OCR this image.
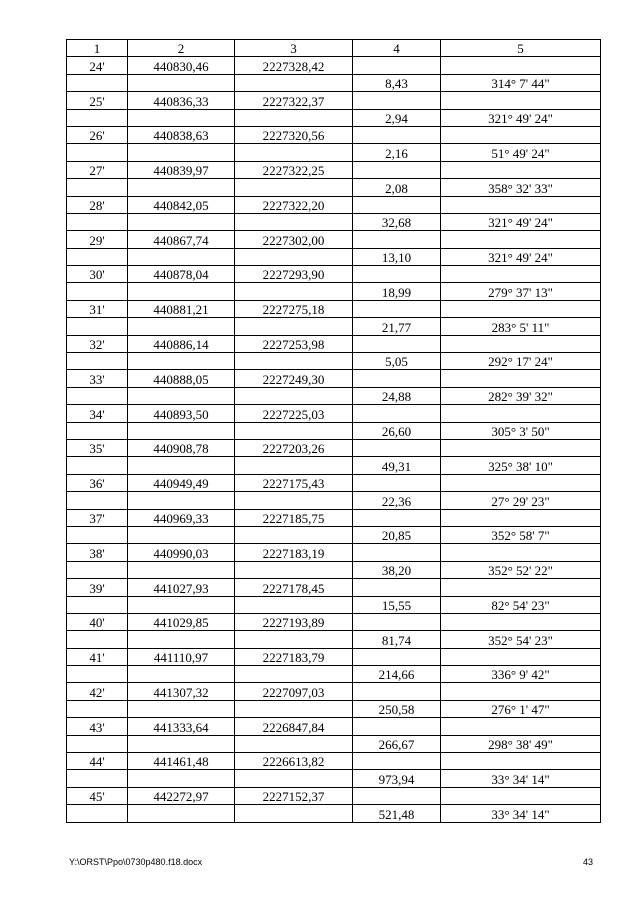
1	2	3	4	5
24'	440830,46	2227328,42		
			8,43	314° 7' 44"
25'	440836,33	2227322,37		
			2,94	321° 49' 24"
26'	440838,63	2227320,56		
			2,16	51° 49' 24"
27'	440839,97	2227322,25		
			2,08	358° 32' 33"
28'	440842,05	2227322,20		
			32,68	321° 49' 24"
29'	440867,74	2227302,00		
			13,10	321° 49' 24"
30'	440878,04	2227293,90		
			18,99	279° 37' 13"
31'	440881,21	2227275,18		
			21,77	283° 5' 11"
32'	440886,14	2227253,98		
			5,05	292° 17' 24"
33'	440888,05	2227249,30		
			24,88	282° 39' 32"
34'	440893,50	2227225,03		
			26,60	305° 3' 50"
35'	440908,78	2227203,26		
			49,31	325° 38' 10"
36'	440949,49	2227175,43		
			22,36	27° 29' 23"
37'	440969,33	2227185,75		
			20,85	352° 58' 7"
38'	440990,03	2227183,19		
			38,20	352° 52' 22"
39'	441027,93	2227178,45		
			15,55	82° 54' 23"
40'	441029,85	2227193,89		
			81,74	352° 54' 23"
41'	441110,97	2227183,79		
			214,66	336° 9' 42"
42'	441307,32	2227097,03		
			250,58	276° 1' 47"
43'	441333,64	2226847,84		
			266,67	298° 38' 49"
44'	441461,48	2226613,82		
			973,94	33° 34' 14"
45'	442272,97	2227152,37		
			521,48	33° 34' 14"
Y:\ORST\Ppo\0730p480.f18.docx	43
